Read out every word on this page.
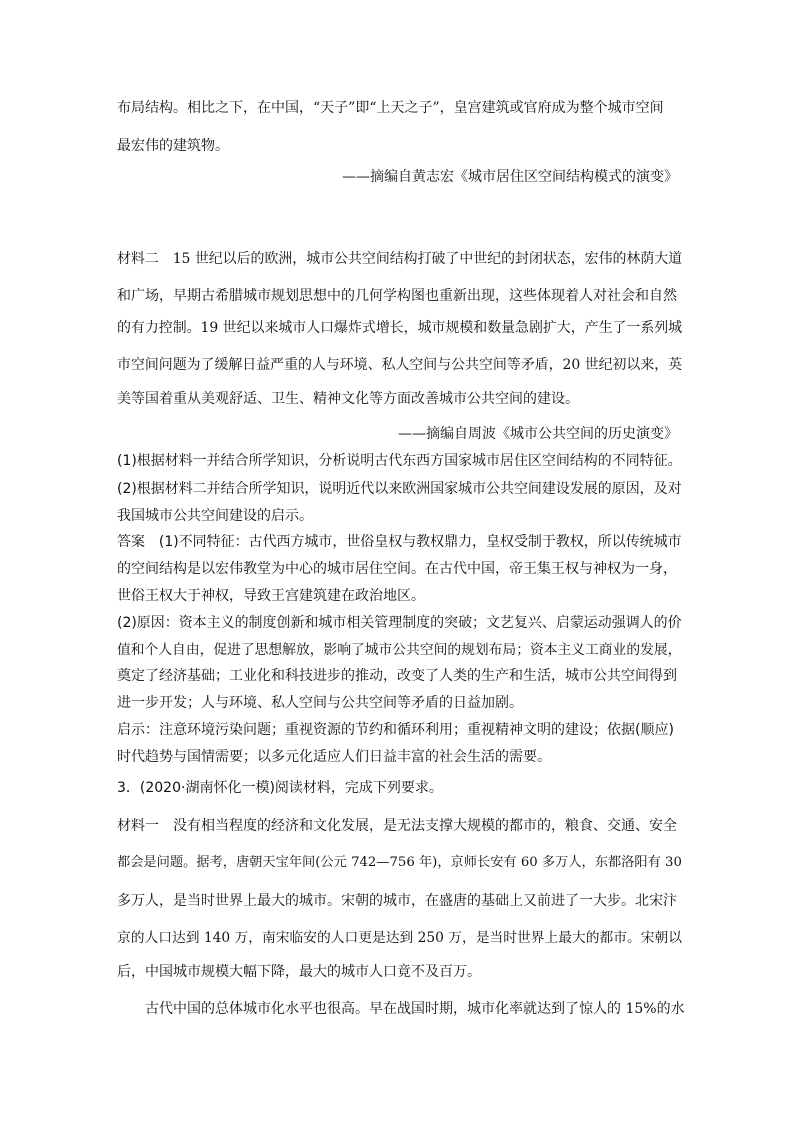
布局结构。相比之下，在中国，“天子”即“上天之子”，皇宫建筑或官府成为整个城市空间
最宏伟的建筑物。
——摘编自黄志宏《城市居住区空间结构模式的演变》
材料二　15 世纪以后的欧洲，城市公共空间结构打破了中世纪的封闭状态，宏伟的林荫大道
和广场，早期古希腊城市规划思想中的几何学构图也重新出现，这些体现着人对社会和自然
的有力控制。19 世纪以来城市人口爆炸式增长，城市规模和数量急剧扩大，产生了一系列城
市空间问题为了缓解日益严重的人与环境、私人空间与公共空间等矛盾，20 世纪初以来，英
美等国着重从美观舒适、卫生、精神文化等方面改善城市公共空间的建设。
——摘编自周波《城市公共空间的历史演变》
(1)根据材料一并结合所学知识，分析说明古代东西方国家城市居住区空间结构的不同特征。
(2)根据材料二并结合所学知识，说明近代以来欧洲国家城市公共空间建设发展的原因，及对
我国城市公共空间建设的启示。
答案　(1)不同特征：古代西方城市，世俗皇权与教权鼎力，皇权受制于教权，所以传统城市
的空间结构是以宏伟教堂为中心的城市居住空间。在古代中国，帝王集王权与神权为一身，
世俗王权大于神权，导致王宫建筑建在政治地区。
(2)原因：资本主义的制度创新和城市相关管理制度的突破；文艺复兴、启蒙运动强调人的价
值和个人自由，促进了思想解放，影响了城市公共空间的规划布局；资本主义工商业的发展，
奠定了经济基础；工业化和科技进步的推动，改变了人类的生产和生活，城市公共空间得到
进一步开发；人与环境、私人空间与公共空间等矛盾的日益加剧。
启示：注意环境污染问题；重视资源的节约和循环利用；重视精神文明的建设；依据(顺应)
时代趋势与国情需要；以多元化适应人们日益丰富的社会生活的需要。
3．(2020·湖南怀化一模)阅读材料，完成下列要求。
材料一　没有相当程度的经济和文化发展，是无法支撑大规模的都市的，粮食、交通、安全
都会是问题。据考，唐朝天宝年间(公元 742—756 年)，京师长安有 60 多万人，东都洛阳有 30
多万人，是当时世界上最大的城市。宋朝的城市，在盛唐的基础上又前进了一大步。北宋汴
京的人口达到 140 万，南宋临安的人口更是达到 250 万，是当时世界上最大的都市。宋朝以
后，中国城市规模大幅下降，最大的城市人口竟不及百万。
古代中国的总体城市化水平也很高。早在战国时期，城市化率就达到了惊人的 15%的水
